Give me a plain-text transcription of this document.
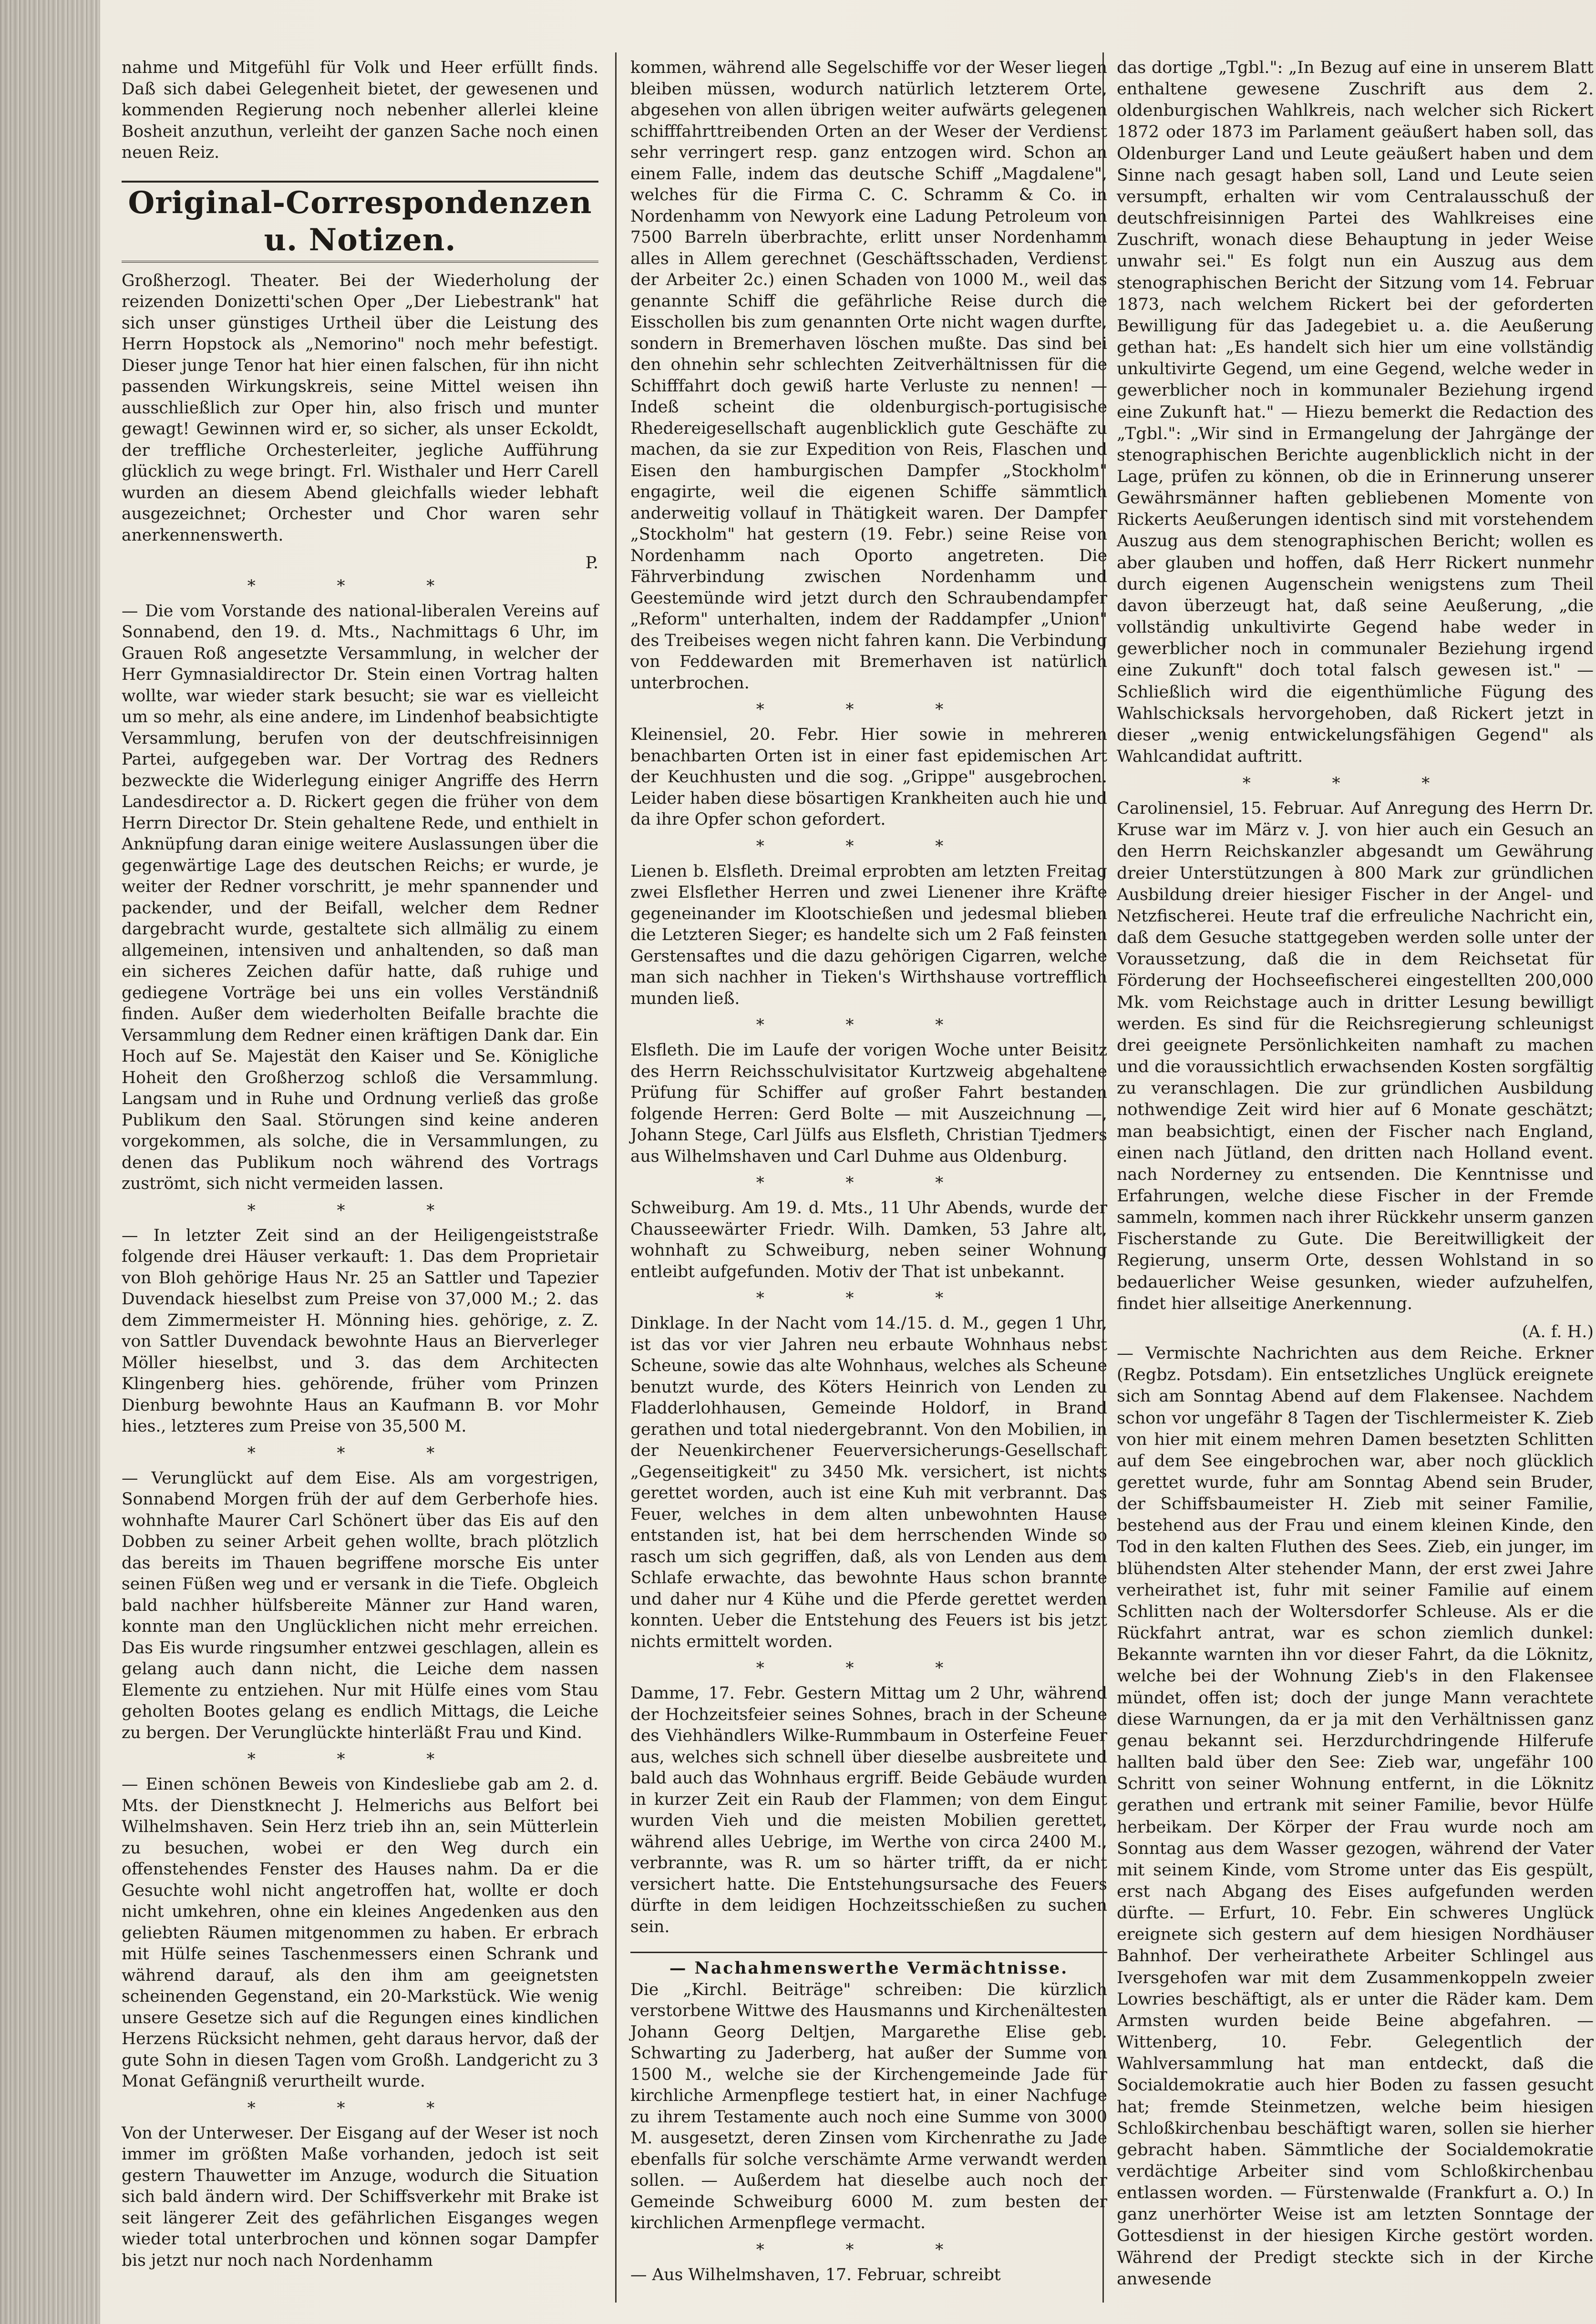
nahme und Mitgefühl für Volk und Heer erfüllt finds. Daß sich dabei Gelegenheit bietet, der gewesenen und kommenden Regierung noch nebenher allerlei kleine Bosheit anzuthun, verleiht der ganzen Sache noch einen neuen Reiz.

Original-Correspondenzen u. Notizen.

Großherzogl. Theater. Bei der Wiederholung der reizenden Donizetti'schen Oper „Der Liebestrank" hat sich unser günstiges Urtheil über die Leistung des Herrn Hopstock als „Nemorino" noch mehr befestigt. Dieser junge Tenor hat hier einen falschen, für ihn nicht passenden Wirkungskreis, seine Mittel weisen ihn ausschließlich zur Oper hin, also frisch und munter gewagt! Gewinnen wird er, so sicher, als unser Eckoldt, der treffliche Orchesterleiter, jegliche Aufführung glücklich zu wege bringt. Frl. Wisthaler und Herr Carell wurden an diesem Abend gleichfalls wieder lebhaft ausgezeichnet; Orchester und Chor waren sehr anerkennenswerth.

P.
* * *

— Die vom Vorstande des national-liberalen Vereins auf Sonnabend, den 19. d. Mts., Nachmittags 6 Uhr, im Grauen Roß angesetzte Versammlung, in welcher der Herr Gymnasialdirector Dr. Stein einen Vortrag halten wollte, war wieder stark besucht; sie war es vielleicht um so mehr, als eine andere, im Lindenhof beabsichtigte Versammlung, berufen von der deutschfreisinnigen Partei, aufgegeben war. Der Vortrag des Redners bezweckte die Widerlegung einiger Angriffe des Herrn Landesdirector a. D. Rickert gegen die früher von dem Herrn Director Dr. Stein gehaltene Rede, und enthielt in Anknüpfung daran einige weitere Auslassungen über die gegenwärtige Lage des deutschen Reichs; er wurde, je weiter der Redner vorschritt, je mehr spannender und packender, und der Beifall, welcher dem Redner dargebracht wurde, gestaltete sich allmälig zu einem allgemeinen, intensiven und anhaltenden, so daß man ein sicheres Zeichen dafür hatte, daß ruhige und gediegene Vorträge bei uns ein volles Verständniß finden. Außer dem wiederholten Beifalle brachte die Versammlung dem Redner einen kräftigen Dank dar. Ein Hoch auf Se. Majestät den Kaiser und Se. Königliche Hoheit den Großherzog schloß die Versammlung. Langsam und in Ruhe und Ordnung verließ das große Publikum den Saal. Störungen sind keine anderen vorgekommen, als solche, die in Versammlungen, zu denen das Publikum noch während des Vortrags zuströmt, sich nicht vermeiden lassen.

* * *

— In letzter Zeit sind an der Heiligengeiststraße folgende drei Häuser verkauft: 1. Das dem Proprietair von Bloh gehörige Haus Nr. 25 an Sattler und Tapezier Duvendack hieselbst zum Preise von 37,000 M.; 2. das dem Zimmermeister H. Mönning hies. gehörige, z. Z. von Sattler Duvendack bewohnte Haus an Bierverleger Möller hieselbst, und 3. das dem Architecten Klingenberg hies. gehörende, früher vom Prinzen Dienburg bewohnte Haus an Kaufmann B. vor Mohr hies., letzteres zum Preise von 35,500 M.

* * *

— Verunglückt auf dem Eise. Als am vorgestrigen, Sonnabend Morgen früh der auf dem Gerberhofe hies. wohnhafte Maurer Carl Schönert über das Eis auf den Dobben zu seiner Arbeit gehen wollte, brach plötzlich das bereits im Thauen begriffene morsche Eis unter seinen Füßen weg und er versank in die Tiefe. Obgleich bald nachher hülfsbereite Männer zur Hand waren, konnte man den Unglücklichen nicht mehr erreichen. Das Eis wurde ringsumher entzwei geschlagen, allein es gelang auch dann nicht, die Leiche dem nassen Elemente zu entziehen. Nur mit Hülfe eines vom Stau geholten Bootes gelang es endlich Mittags, die Leiche zu bergen. Der Verunglückte hinterläßt Frau und Kind.

* * *

— Einen schönen Beweis von Kindesliebe gab am 2. d. Mts. der Dienstknecht J. Helmerichs aus Belfort bei Wilhelmshaven. Sein Herz trieb ihn an, sein Mütterlein zu besuchen, wobei er den Weg durch ein offenstehendes Fenster des Hauses nahm. Da er die Gesuchte wohl nicht angetroffen hat, wollte er doch nicht umkehren, ohne ein kleines Angedenken aus den geliebten Räumen mitgenommen zu haben. Er erbrach mit Hülfe seines Taschenmessers einen Schrank und während darauf, als den ihm am geeignetsten scheinenden Gegenstand, ein 20-Markstück. Wie wenig unsere Gesetze sich auf die Regungen eines kindlichen Herzens Rücksicht nehmen, geht daraus hervor, daß der gute Sohn in diesen Tagen vom Großh. Landgericht zu 3 Monat Gefängniß verurtheilt wurde.

* * *

Von der Unterweser. Der Eisgang auf der Weser ist noch immer im größten Maße vorhanden, jedoch ist seit gestern Thauwetter im Anzuge, wodurch die Situation sich bald ändern wird. Der Schiffsverkehr mit Brake ist seit längerer Zeit des gefährlichen Eisganges wegen wieder total unterbrochen und können sogar Dampfer bis jetzt nur noch nach Nordenhamm

kommen, während alle Segelschiffe vor der Weser liegen bleiben müssen, wodurch natürlich letzterem Orte, abgesehen von allen übrigen weiter aufwärts gelegenen schifffahrttreibenden Orten an der Weser der Verdienst sehr verringert resp. ganz entzogen wird. Schon an einem Falle, indem das deutsche Schiff „Magdalene", welches für die Firma C. C. Schramm & Co. in Nordenhamm von Newyork eine Ladung Petroleum von 7500 Barreln überbrachte, erlitt unser Nordenhamm alles in Allem gerechnet (Geschäftsschaden, Verdienst der Arbeiter 2c.) einen Schaden von 1000 M., weil das genannte Schiff die gefährliche Reise durch die Eisschollen bis zum genannten Orte nicht wagen durfte, sondern in Bremerhaven löschen mußte. Das sind bei den ohnehin sehr schlechten Zeitverhältnissen für die Schifffahrt doch gewiß harte Verluste zu nennen! — Indeß scheint die oldenburgisch-portugisische Rhedereigesellschaft augenblicklich gute Geschäfte zu machen, da sie zur Expedition von Reis, Flaschen und Eisen den hamburgischen Dampfer „Stockholm" engagirte, weil die eigenen Schiffe sämmtlich anderweitig vollauf in Thätigkeit waren. Der Dampfer „Stockholm" hat gestern (19. Febr.) seine Reise von Nordenhamm nach Oporto angetreten. Die Fährverbindung zwischen Nordenhamm und Geestemünde wird jetzt durch den Schraubendampfer „Reform" unterhalten, indem der Raddampfer „Union" des Treibeises wegen nicht fahren kann. Die Verbindung von Feddewarden mit Bremerhaven ist natürlich unterbrochen.

* * *

Kleinensiel, 20. Febr. Hier sowie in mehreren benachbarten Orten ist in einer fast epidemischen Art der Keuchhusten und die sog. „Grippe" ausgebrochen. Leider haben diese bösartigen Krankheiten auch hie und da ihre Opfer schon gefordert.

* * *

Lienen b. Elsfleth. Dreimal erprobten am letzten Freitag zwei Elsflether Herren und zwei Lienener ihre Kräfte gegeneinander im Klootschießen und jedesmal blieben die Letzteren Sieger; es handelte sich um 2 Faß feinsten Gerstensaftes und die dazu gehörigen Cigarren, welche man sich nachher in Tieken's Wirthshause vortrefflich munden ließ.

* * *

Elsfleth. Die im Laufe der vorigen Woche unter Beisitz des Herrn Reichsschulvisitator Kurtzweig abgehaltene Prüfung für Schiffer auf großer Fahrt bestanden folgende Herren: Gerd Bolte — mit Auszeichnung —, Johann Stege, Carl Jülfs aus Elsfleth, Christian Tjedmers aus Wilhelmshaven und Carl Duhme aus Oldenburg.

* * *

Schweiburg. Am 19. d. Mts., 11 Uhr Abends, wurde der Chausseewärter Friedr. Wilh. Damken, 53 Jahre alt, wohnhaft zu Schweiburg, neben seiner Wohnung entleibt aufgefunden. Motiv der That ist unbekannt.

* * *

Dinklage. In der Nacht vom 14./15. d. M., gegen 1 Uhr, ist das vor vier Jahren neu erbaute Wohnhaus nebst Scheune, sowie das alte Wohnhaus, welches als Scheune benutzt wurde, des Köters Heinrich von Lenden zu Fladderlohhausen, Gemeinde Holdorf, in Brand gerathen und total niedergebrannt. Von den Mobilien, in der Neuenkirchener Feuerversicherungs-Gesellschaft „Gegenseitigkeit" zu 3450 Mk. versichert, ist nichts gerettet worden, auch ist eine Kuh mit verbrannt. Das Feuer, welches in dem alten unbewohnten Hause entstanden ist, hat bei dem herrschenden Winde so rasch um sich gegriffen, daß, als von Lenden aus dem Schlafe erwachte, das bewohnte Haus schon brannte und daher nur 4 Kühe und die Pferde gerettet werden konnten. Ueber die Entstehung des Feuers ist bis jetzt nichts ermittelt worden.

* * *

Damme, 17. Febr. Gestern Mittag um 2 Uhr, während der Hochzeitsfeier seines Sohnes, brach in der Scheune des Viehhändlers Wilke-Rummbaum in Osterfeine Feuer aus, welches sich schnell über dieselbe ausbreitete und bald auch das Wohnhaus ergriff. Beide Gebäude wurden in kurzer Zeit ein Raub der Flammen; von dem Eingut wurden Vieh und die meisten Mobilien gerettet, während alles Uebrige, im Werthe von circa 2400 M., verbrannte, was R. um so härter trifft, da er nicht versichert hatte. Die Entstehungsursache des Feuers dürfte in dem leidigen Hochzeitsschießen zu suchen sein.

— Nachahmenswerthe Vermächtnisse.

Die „Kirchl. Beiträge" schreiben: Die kürzlich verstorbene Wittwe des Hausmanns und Kirchenältesten Johann Georg Deltjen, Margarethe Elise geb. Schwarting zu Jaderberg, hat außer der Summe von 1500 M., welche sie der Kirchengemeinde Jade für kirchliche Armenpflege testiert hat, in einer Nachfuge zu ihrem Testamente auch noch eine Summe von 3000 M. ausgesetzt, deren Zinsen vom Kirchenrathe zu Jade ebenfalls für solche verschämte Arme verwandt werden sollen. — Außerdem hat dieselbe auch noch der Gemeinde Schweiburg 6000 M. zum besten der kirchlichen Armenpflege vermacht.

* * *

— Aus Wilhelmshaven, 17. Februar, schreibt

das dortige „Tgbl.": „In Bezug auf eine in unserem Blatt enthaltene gewesene Zuschrift aus dem 2. oldenburgischen Wahlkreis, nach welcher sich Rickert 1872 oder 1873 im Parlament geäußert haben soll, das Oldenburger Land und Leute geäußert haben und dem Sinne nach gesagt haben soll, Land und Leute seien versumpft, erhalten wir vom Centralausschuß der deutschfreisinnigen Partei des Wahlkreises eine Zuschrift, wonach diese Behauptung in jeder Weise unwahr sei." Es folgt nun ein Auszug aus dem stenographischen Bericht der Sitzung vom 14. Februar 1873, nach welchem Rickert bei der geforderten Bewilligung für das Jadegebiet u. a. die Aeußerung gethan hat: „Es handelt sich hier um eine vollständig unkultivirte Gegend, um eine Gegend, welche weder in gewerblicher noch in kommunaler Beziehung irgend eine Zukunft hat." — Hiezu bemerkt die Redaction des „Tgbl.": „Wir sind in Ermangelung der Jahrgänge der stenographischen Berichte augenblicklich nicht in der Lage, prüfen zu können, ob die in Erinnerung unserer Gewährsmänner haften gebliebenen Momente von Rickerts Aeußerungen identisch sind mit vorstehendem Auszug aus dem stenographischen Bericht; wollen es aber glauben und hoffen, daß Herr Rickert nunmehr durch eigenen Augenschein wenigstens zum Theil davon überzeugt hat, daß seine Aeußerung, „die vollständig unkultivirte Gegend habe weder in gewerblicher noch in communaler Beziehung irgend eine Zukunft" doch total falsch gewesen ist." — Schließlich wird die eigenthümliche Fügung des Wahlschicksals hervorgehoben, daß Rickert jetzt in dieser „wenig entwickelungsfähigen Gegend" als Wahlcandidat auftritt.

* * *

Carolinensiel, 15. Februar. Auf Anregung des Herrn Dr. Kruse war im März v. J. von hier auch ein Gesuch an den Herrn Reichskanzler abgesandt um Gewährung dreier Unterstützungen à 800 Mark zur gründlichen Ausbildung dreier hiesiger Fischer in der Angel- und Netzfischerei. Heute traf die erfreuliche Nachricht ein, daß dem Gesuche stattgegeben werden solle unter der Voraussetzung, daß die in dem Reichsetat für Förderung der Hochseefischerei eingestellten 200,000 Mk. vom Reichstage auch in dritter Lesung bewilligt werden. Es sind für die Reichsregierung schleunigst drei geeignete Persönlichkeiten namhaft zu machen und die voraussichtlich erwachsenden Kosten sorgfältig zu veranschlagen. Die zur gründlichen Ausbildung nothwendige Zeit wird hier auf 6 Monate geschätzt; man beabsichtigt, einen der Fischer nach England, einen nach Jütland, den dritten nach Holland event. nach Norderney zu entsenden. Die Kenntnisse und Erfahrungen, welche diese Fischer in der Fremde sammeln, kommen nach ihrer Rückkehr unserm ganzen Fischerstande zu Gute. Die Bereitwilligkeit der Regierung, unserm Orte, dessen Wohlstand in so bedauerlicher Weise gesunken, wieder aufzuhelfen, findet hier allseitige Anerkennung.

(A. f. H.)

— Vermischte Nachrichten aus dem Reiche. Erkner (Regbz. Potsdam). Ein entsetzliches Unglück ereignete sich am Sonntag Abend auf dem Flakensee. Nachdem schon vor ungefähr 8 Tagen der Tischlermeister K. Zieb von hier mit einem mehren Damen besetzten Schlitten auf dem See eingebrochen war, aber noch glücklich gerettet wurde, fuhr am Sonntag Abend sein Bruder, der Schiffsbaumeister H. Zieb mit seiner Familie, bestehend aus der Frau und einem kleinen Kinde, den Tod in den kalten Fluthen des Sees. Zieb, ein junger, im blühendsten Alter stehender Mann, der erst zwei Jahre verheirathet ist, fuhr mit seiner Familie auf einem Schlitten nach der Woltersdorfer Schleuse. Als er die Rückfahrt antrat, war es schon ziemlich dunkel: Bekannte warnten ihn vor dieser Fahrt, da die Löknitz, welche bei der Wohnung Zieb's in den Flakensee mündet, offen ist; doch der junge Mann verachtete diese Warnungen, da er ja mit den Verhältnissen ganz genau bekannt sei. Herzdurchdringende Hilferufe hallten bald über den See: Zieb war, ungefähr 100 Schritt von seiner Wohnung entfernt, in die Löknitz gerathen und ertrank mit seiner Familie, bevor Hülfe herbeikam. Der Körper der Frau wurde noch am Sonntag aus dem Wasser gezogen, während der Vater mit seinem Kinde, vom Strome unter das Eis gespült, erst nach Abgang des Eises aufgefunden werden dürfte. — Erfurt, 10. Febr. Ein schweres Unglück ereignete sich gestern auf dem hiesigen Nordhäuser Bahnhof. Der verheirathete Arbeiter Schlingel aus Iversgehofen war mit dem Zusammenkoppeln zweier Lowries beschäftigt, als er unter die Räder kam. Dem Armsten wurden beide Beine abgefahren. — Wittenberg, 10. Febr. Gelegentlich der Wahlversammlung hat man entdeckt, daß die Socialdemokratie auch hier Boden zu fassen gesucht hat; fremde Steinmetzen, welche beim hiesigen Schloßkirchenbau beschäftigt waren, sollen sie hierher gebracht haben. Sämmtliche der Socialdemokratie verdächtige Arbeiter sind vom Schloßkirchenbau entlassen worden. — Fürstenwalde (Frankfurt a. O.) In ganz unerhörter Weise ist am letzten Sonntage der Gottesdienst in der hiesigen Kirche gestört worden. Während der Predigt steckte sich in der Kirche anwesende
